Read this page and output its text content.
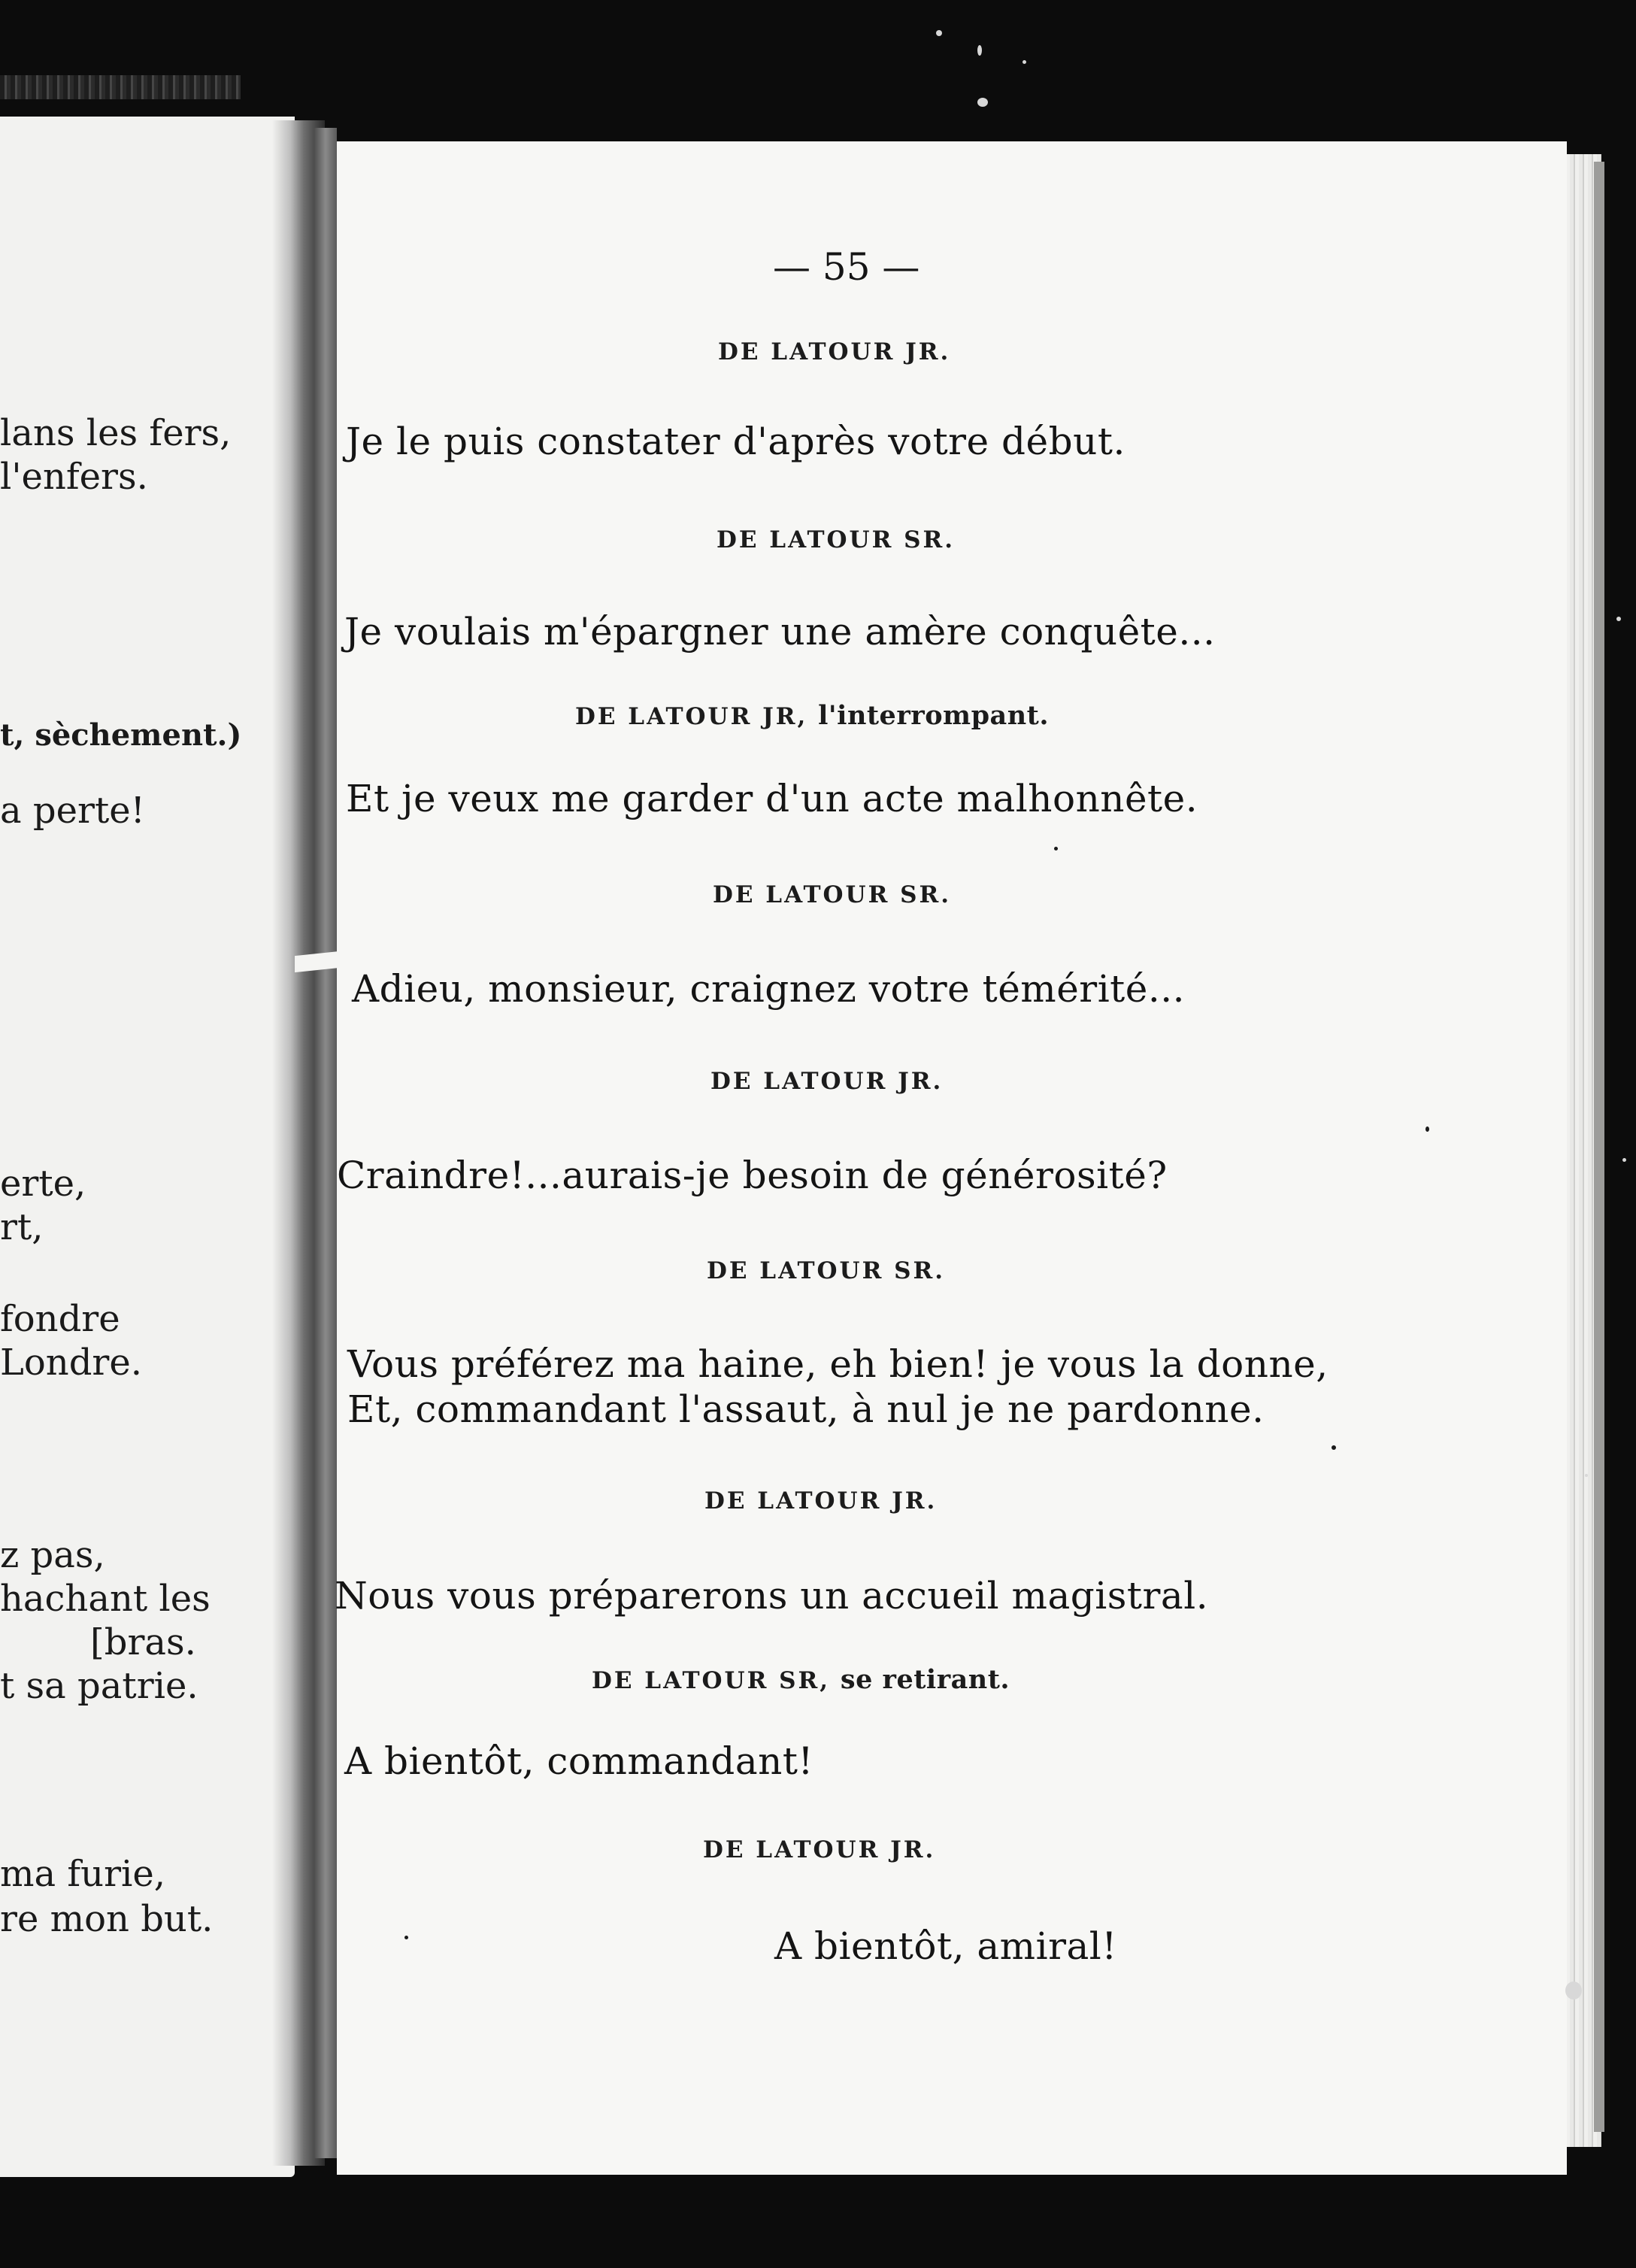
lans les fers,
l'enfers.
t, sèchement.)
a perte!
erte,
rt,
fondre
Londre.
z pas,
hachant les
[bras.
t sa patrie.
ma furie,
re mon but.
— 55 —
DE LATOUR JR.
Je le puis constater d'après votre début.
DE LATOUR SR.
Je voulais m'épargner une amère conquête...
DE LATOUR JR, l'interrompant.
Et je veux me garder d'un acte malhonnête.
DE LATOUR SR.
Adieu, monsieur, craignez votre témérité...
DE LATOUR JR.
Craindre!...aurais-je besoin de générosité?
DE LATOUR SR.
Vous préférez ma haine, eh bien! je vous la donne,
Et, commandant l'assaut, à nul je ne pardonne.
DE LATOUR JR.
Nous vous préparerons un accueil magistral.
DE LATOUR SR, se retirant.
A bientôt, commandant!
DE LATOUR JR.
A bientôt, amiral!
